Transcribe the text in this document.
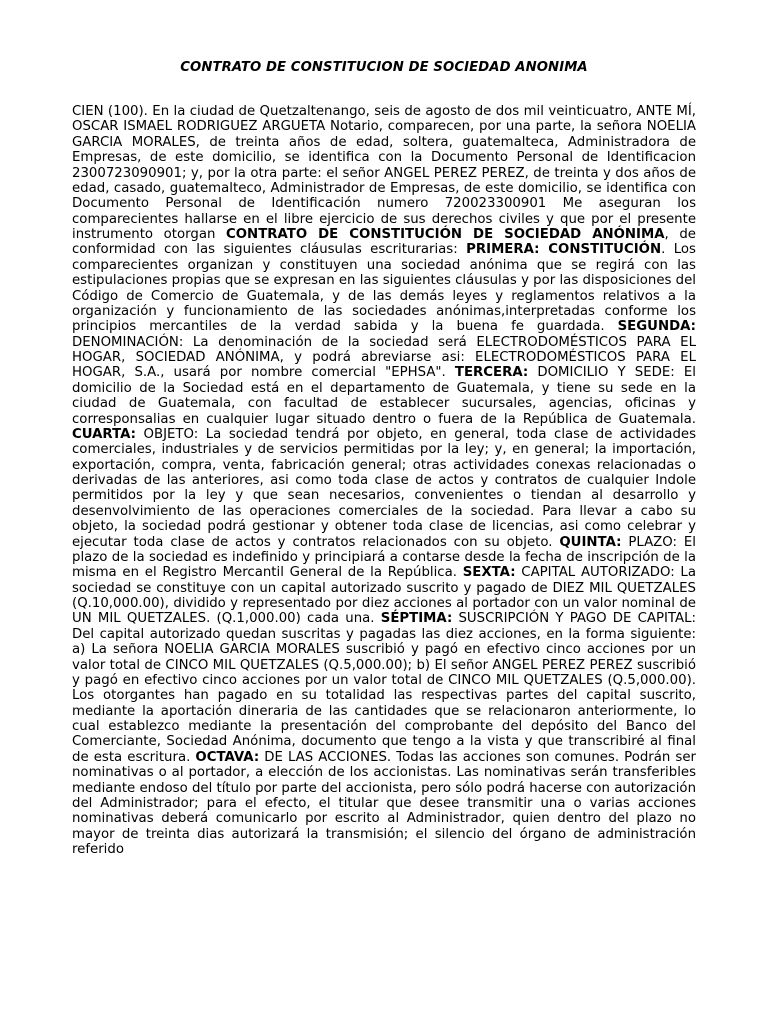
CONTRATO DE CONSTITUCION DE SOCIEDAD ANONIMA
CIEN (100). En la ciudad de Quetzaltenango, seis de agosto de dos mil veinticuatro, ANTE MÍ, OSCAR ISMAEL RODRIGUEZ ARGUETA Notario, comparecen, por una parte, la señora NOELIA GARCIA MORALES, de treinta años de edad, soltera, guatemalteca, Administradora de Empresas, de este domicilio, se identifica con la Documento Personal de Identificacion 2300723090901; y, por la otra parte: el señor ANGEL PEREZ PEREZ, de treinta y dos años de edad, casado, guatemalteco, Administrador de Empresas, de este domicilio, se identifica con Documento Personal de Identificación numero 720023300901 Me aseguran los comparecientes hallarse en el libre ejercicio de sus derechos civiles y que por el presente instrumento otorgan CONTRATO DE CONSTITUCIÓN DE SOCIEDAD ANÓNIMA, de conformidad con las siguientes cláusulas escriturarias: PRIMERA: CONSTITUCIÓN. Los comparecientes organizan y constituyen una sociedad anónima que se regirá con las estipulaciones propias que se expresan en las siguientes cláusulas y por las disposiciones del Código de Comercio de Guatemala, y de las demás leyes y reglamentos relativos a la organización y funcionamiento de las sociedades anónimas,interpretadas conforme los principios mercantiles de la verdad sabida y la buena fe guardada. SEGUNDA: DENOMINACIÓN: La denominación de la sociedad será ELECTRODOMÉSTICOS PARA EL HOGAR, SOCIEDAD ANÓNIMA, y podrá abreviarse asi: ELECTRODOMÉSTICOS PARA EL HOGAR, S.A., usará por nombre comercial "EPHSA". TERCERA: DOMICILIO Y SEDE: El domicilio de la Sociedad está en el departamento de Guatemala, y tiene su sede en la ciudad de Guatemala, con facultad de establecer sucursales, agencias, oficinas y corresponsalias en cualquier lugar situado dentro o fuera de la República de Guatemala. CUARTA: OBJETO: La sociedad tendrá por objeto, en general, toda clase de actividades comerciales, industriales y de servicios permitidas por la ley; y, en general; la importación, exportación, compra, venta, fabricación general; otras actividades conexas relacionadas o derivadas de las anteriores, asi como toda clase de actos y contratos de cualquier Indole permitidos por la ley y que sean necesarios, convenientes o tiendan al desarrollo y desenvolvimiento de las operaciones comerciales de la sociedad. Para llevar a cabo su objeto, la sociedad podrá gestionar y obtener toda clase de licencias, asi como celebrar y ejecutar toda clase de actos y contratos relacionados con su objeto. QUINTA: PLAZO: El plazo de la sociedad es indefinido y principiará a contarse desde la fecha de inscripción de la misma en el Registro Mercantil General de la República. SEXTA: CAPITAL AUTORIZADO: La sociedad se constituye con un capital autorizado suscrito y pagado de DIEZ MIL QUETZALES (Q.10,000.00), dividido y representado por diez acciones al portador con un valor nominal de UN MIL QUETZALES. (Q.1,000.00) cada una. SÉPTIMA: SUSCRIPCIÓN Y PAGO DE CAPITAL: Del capital autorizado quedan suscritas y pagadas las diez acciones, en la forma siguiente: a) La señora NOELIA GARCIA MORALES suscribió y pagó en efectivo cinco acciones por un valor total de CINCO MIL QUETZALES (Q.5,000.00); b) El señor ANGEL PEREZ PEREZ suscribió y pagó en efectivo cinco acciones por un valor total de CINCO MIL QUETZALES (Q.5,000.00). Los otorgantes han pagado en su totalidad las respectivas partes del capital suscrito, mediante la aportación dineraria de las cantidades que se relacionaron anteriormente, lo cual establezco mediante la presentación del comprobante del depósito del Banco del Comerciante, Sociedad Anónima, documento que tengo a la vista y que transcribiré al final de esta escritura. OCTAVA: DE LAS ACCIONES. Todas las acciones son comunes. Podrán ser nominativas o al portador, a elección de los accionistas. Las nominativas serán transferibles mediante endoso del título por parte del accionista, pero sólo podrá hacerse con autorización del Administrador; para el efecto, el titular que desee transmitir una o varias acciones nominativas deberá comunicarlo por escrito al Administrador, quien dentro del plazo no mayor de treinta dias autorizará la transmisión; el silencio del órgano de administración referido
